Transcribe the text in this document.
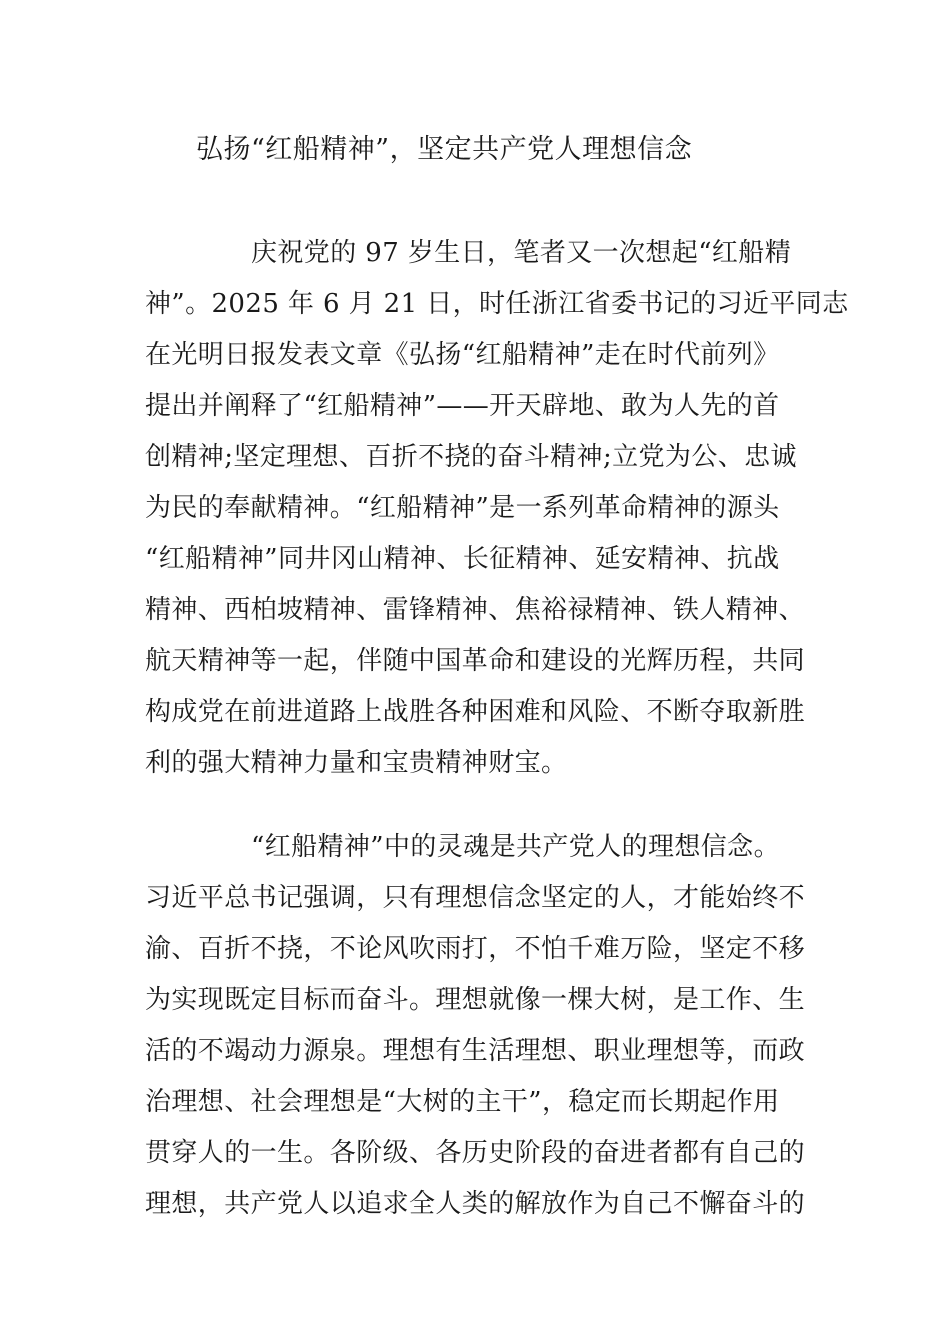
弘扬“红船精神”，坚定共产党人理想信念
庆祝党的 97 岁生日，笔者又一次想起“红船精
神”。2025 年 6 月 21 日，时任浙江省委书记的习近平同志
在光明日报发表文章《弘扬“红船精神”走在时代前列》
提出并阐释了“红船精神”——开天辟地、敢为人先的首
创精神;坚定理想、百折不挠的奋斗精神;立党为公、忠诚
为民的奉献精神。“红船精神”是一系列革命精神的源头
“红船精神”同井冈山精神、长征精神、延安精神、抗战
精神、西柏坡精神、雷锋精神、焦裕禄精神、铁人精神、
航天精神等一起，伴随中国革命和建设的光辉历程，共同
构成党在前进道路上战胜各种困难和风险、不断夺取新胜
利的强大精神力量和宝贵精神财宝。
“红船精神”中的灵魂是共产党人的理想信念。
习近平总书记强调，只有理想信念坚定的人，才能始终不
渝、百折不挠，不论风吹雨打，不怕千难万险，坚定不移
为实现既定目标而奋斗。理想就像一棵大树，是工作、生
活的不竭动力源泉。理想有生活理想、职业理想等，而政
治理想、社会理想是“大树的主干”，稳定而长期起作用
贯穿人的一生。各阶级、各历史阶段的奋进者都有自己的
理想，共产党人以追求全人类的解放作为自己不懈奋斗的
